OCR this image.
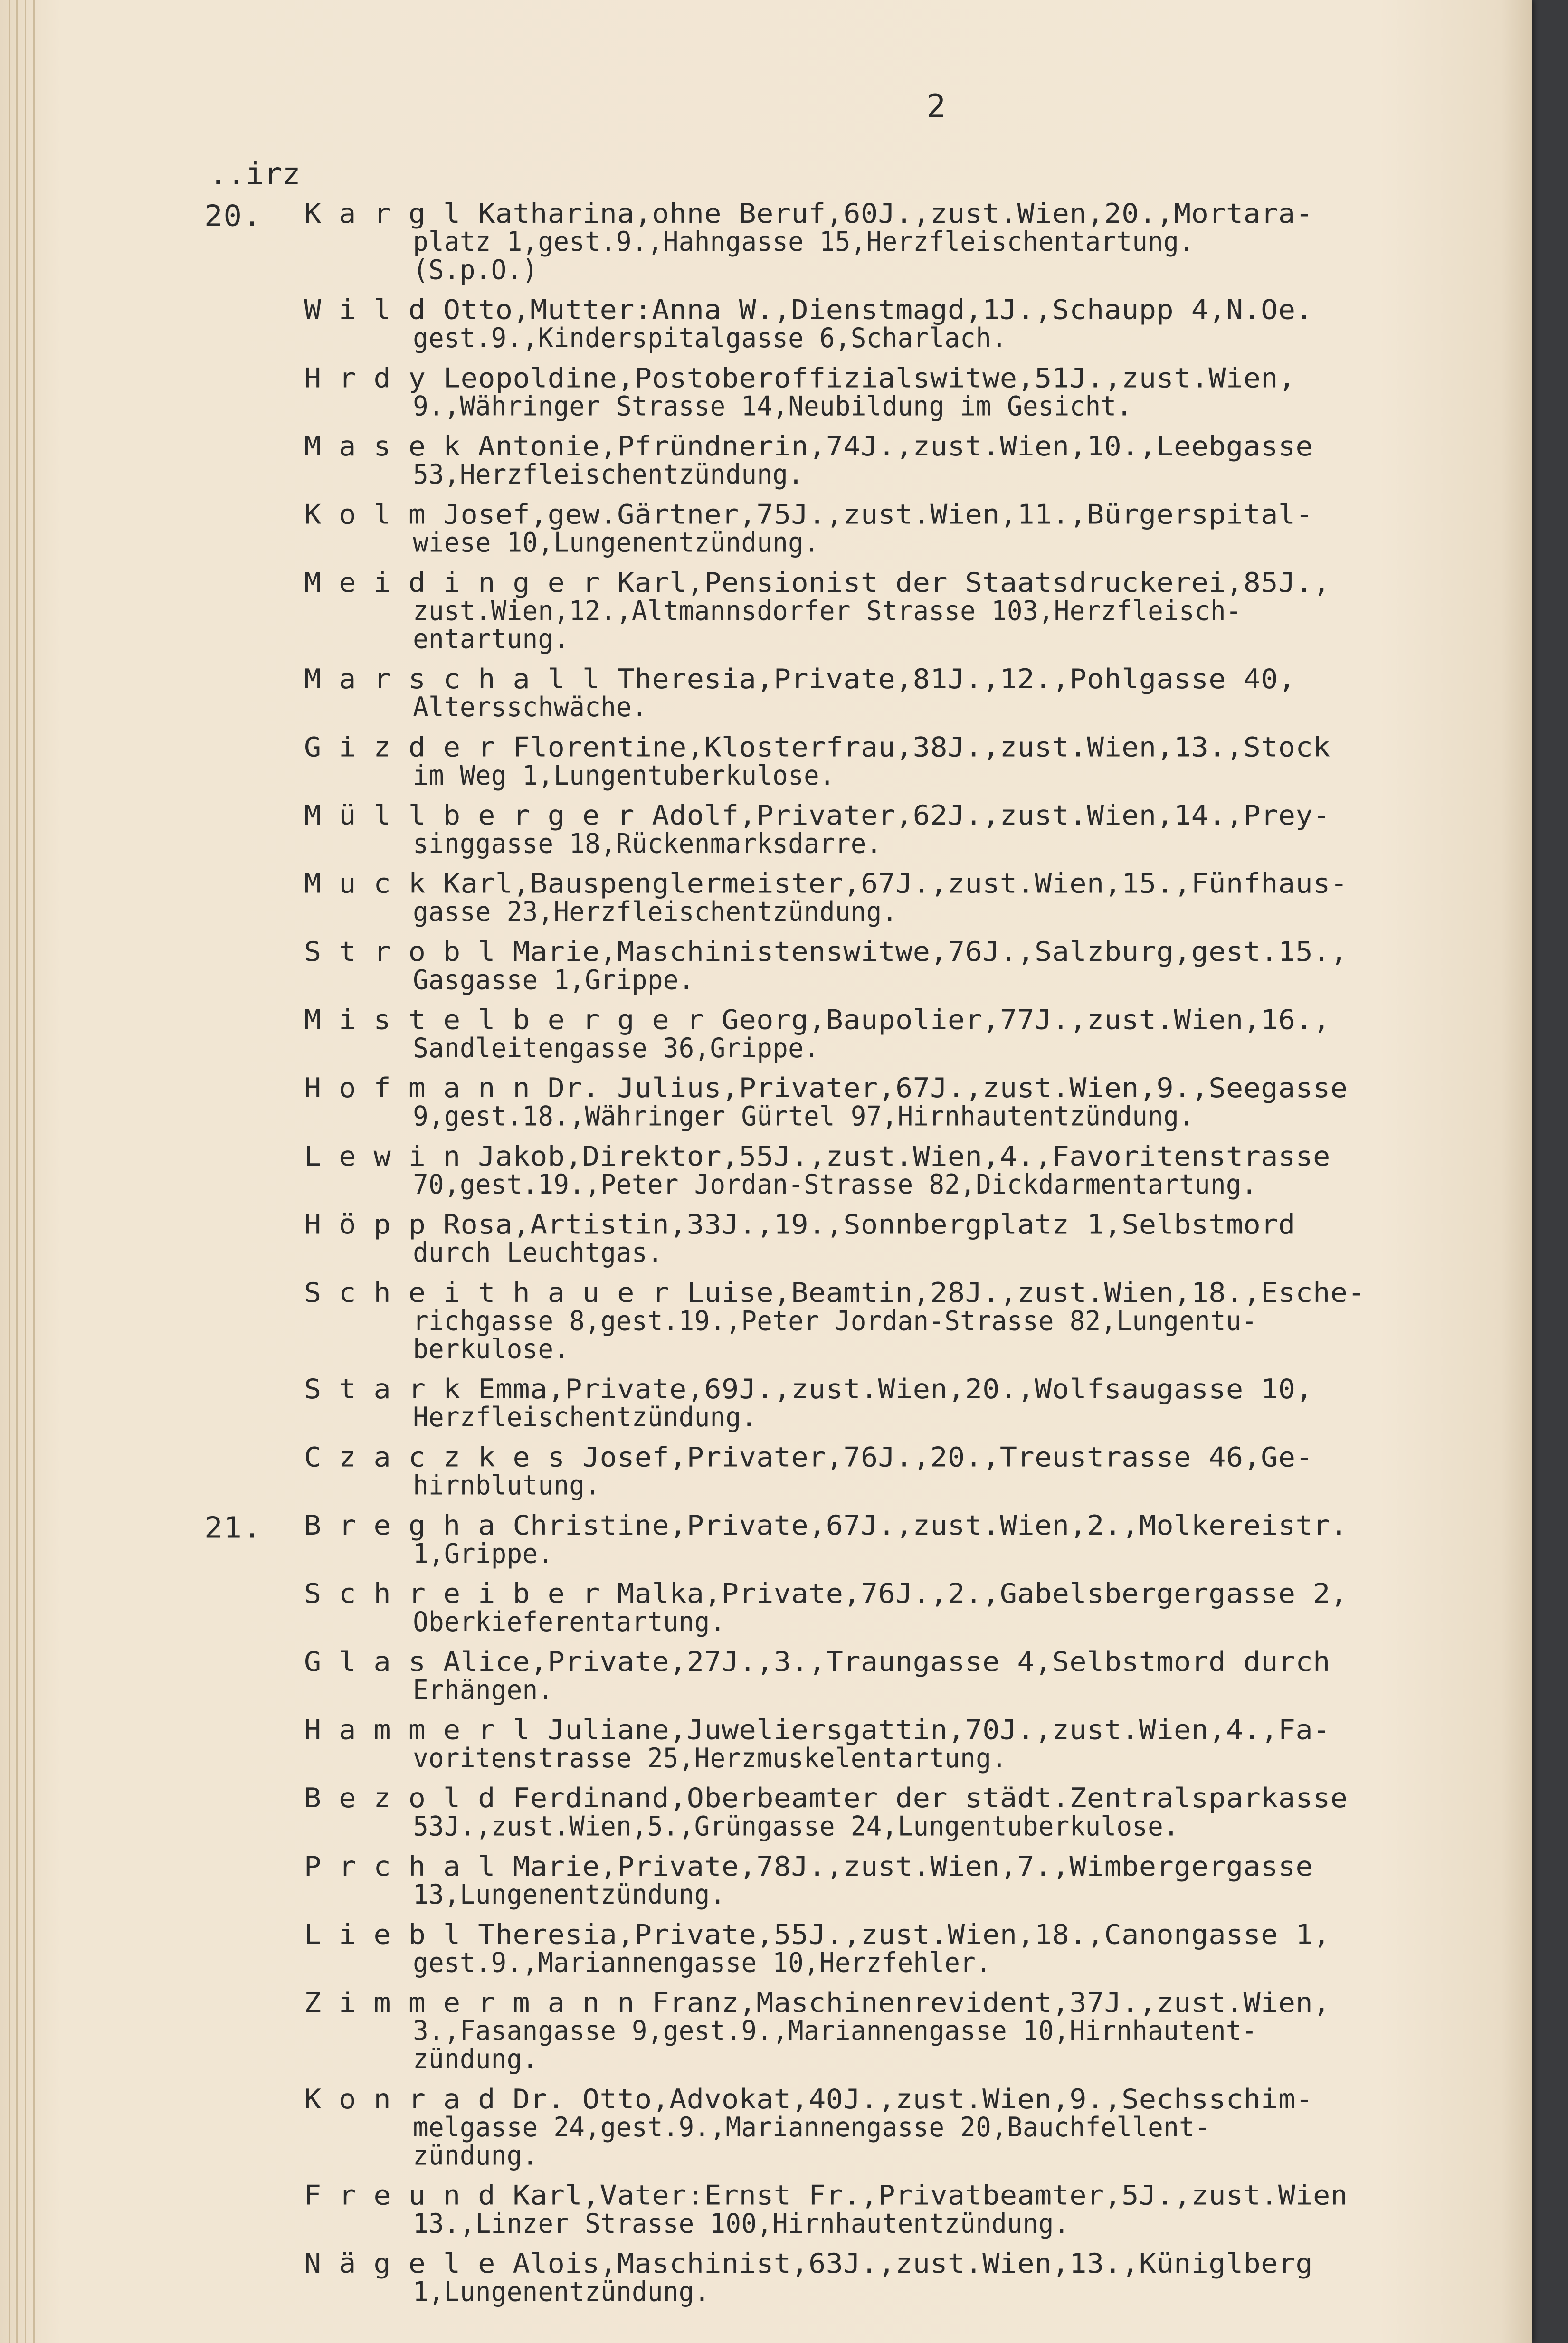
2
..irz
20. K a r g l Katharina,ohne Beruf,60J.,zust.Wien,20.,Mortara-
platz 1,gest.9.,Hahngasse 15,Herzfleischentartung.
(S.p.O.)
W i l d Otto,Mutter:Anna W.,Dienstmagd,1J.,Schaupp 4,N.Oe.
gest.9.,Kinderspitalgasse 6,Scharlach.
H r d y Leopoldine,Postoberoffizialswitwe,51J.,zust.Wien,
9.,Währinger Strasse 14,Neubildung im Gesicht.
M a s e k Antonie,Pfründnerin,74J.,zust.Wien,10.,Leebgasse
53,Herzfleischentzündung.
K o l m Josef,gew.Gärtner,75J.,zust.Wien,11.,Bürgerspital-
wiese 10,Lungenentzündung.
M e i d i n g e r Karl,Pensionist der Staatsdruckerei,85J.,
zust.Wien,12.,Altmannsdorfer Strasse 103,Herzfleisch-
entartung.
M a r s c h a l l Theresia,Private,81J.,12.,Pohlgasse 40,
Altersschwäche.
G i z d e r Florentine,Klosterfrau,38J.,zust.Wien,13.,Stock
im Weg 1,Lungentuberkulose.
M ü l l b e r g e r Adolf,Privater,62J.,zust.Wien,14.,Prey-
singgasse 18,Rückenmarksdarre.
M u c k Karl,Bauspenglermeister,67J.,zust.Wien,15.,Fünfhaus-
gasse 23,Herzfleischentzündung.
S t r o b l Marie,Maschinistenswitwe,76J.,Salzburg,gest.15.,
Gasgasse 1,Grippe.
M i s t e l b e r g e r Georg,Baupolier,77J.,zust.Wien,16.,
Sandleitengasse 36,Grippe.
H o f m a n n Dr. Julius,Privater,67J.,zust.Wien,9.,Seegasse
9,gest.18.,Währinger Gürtel 97,Hirnhautentzündung.
L e w i n Jakob,Direktor,55J.,zust.Wien,4.,Favoritenstrasse
70,gest.19.,Peter Jordan-Strasse 82,Dickdarmentartung.
H ö p p Rosa,Artistin,33J.,19.,Sonnbergplatz 1,Selbstmord
durch Leuchtgas.
S c h e i t h a u e r Luise,Beamtin,28J.,zust.Wien,18.,Esche-
richgasse 8,gest.19.,Peter Jordan-Strasse 82,Lungentu-
berkulose.
S t a r k Emma,Private,69J.,zust.Wien,20.,Wolfsaugasse 10,
Herzfleischentzündung.
C z a c z k e s Josef,Privater,76J.,20.,Treustrasse 46,Ge-
hirnblutung.
21. B r e g h a Christine,Private,67J.,zust.Wien,2.,Molkereistr.
1,Grippe.
S c h r e i b e r Malka,Private,76J.,2.,Gabelsbergergasse 2,
Oberkieferentartung.
G l a s Alice,Private,27J.,3.,Traungasse 4,Selbstmord durch
Erhängen.
H a m m e r l Juliane,Juweliersgattin,70J.,zust.Wien,4.,Fa-
voritenstrasse 25,Herzmuskelentartung.
B e z o l d Ferdinand,Oberbeamter der städt.Zentralsparkasse
53J.,zust.Wien,5.,Grüngasse 24,Lungentuberkulose.
P r c h a l Marie,Private,78J.,zust.Wien,7.,Wimbergergasse
13,Lungenentzündung.
L i e b l Theresia,Private,55J.,zust.Wien,18.,Canongasse 1,
gest.9.,Mariannengasse 10,Herzfehler.
Z i m m e r m a n n Franz,Maschinenrevident,37J.,zust.Wien,
3.,Fasangasse 9,gest.9.,Mariannengasse 10,Hirnhautent-
zündung.
K o n r a d Dr. Otto,Advokat,40J.,zust.Wien,9.,Sechsschim-
melgasse 24,gest.9.,Mariannengasse 20,Bauchfellent-
zündung.
F r e u n d Karl,Vater:Ernst Fr.,Privatbeamter,5J.,zust.Wien
13.,Linzer Strasse 100,Hirnhautentzündung.
N ä g e l e Alois,Maschinist,63J.,zust.Wien,13.,Küniglberg
1,Lungenentzündung.
